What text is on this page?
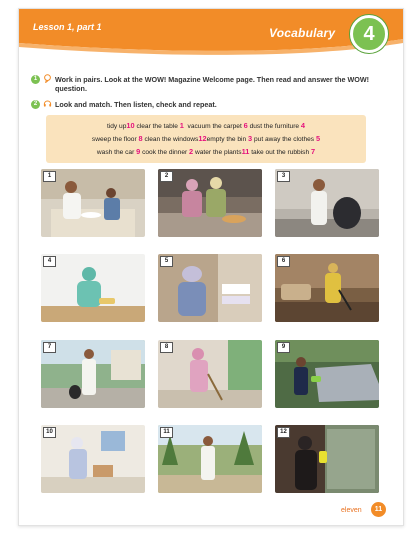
Lesson 1, part 1	Vocabulary	4
1	Work in pairs. Look at the WOW! Magazine Welcome page. Then read and answer the WOW! question.
2	Look and match. Then listen, check and repeat.
tidy up10 clear the table 1 vacuum the carpet 6 dust the furniture 4
sweep the floor 8 clean the windows12empty the bin 3 put away the clothes 5
wash the car 9 cook the dinner 2 water the plants11 take out the rubbish 7
1	2	3
4	5	6
7	8	9
10	11	12
eleven	11
